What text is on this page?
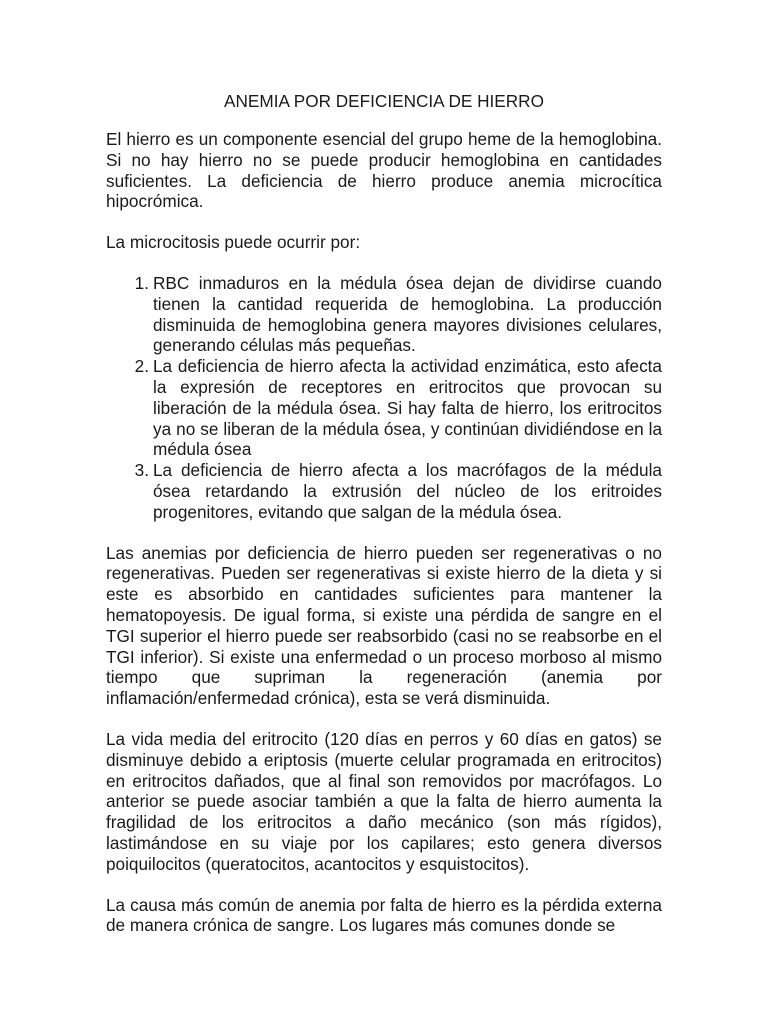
ANEMIA POR DEFICIENCIA DE HIERRO

El hierro es un componente esencial del grupo heme de la hemoglobina. Si no hay hierro no se puede producir hemoglobina en cantidades suficientes. La deficiencia de hierro produce anemia microcítica hipocrómica.

La microcitosis puede ocurrir por:

1. RBC inmaduros en la médula ósea dejan de dividirse cuando tienen la cantidad requerida de hemoglobina. La producción disminuida de hemoglobina genera mayores divisiones celulares, generando células más pequeñas.
2. La deficiencia de hierro afecta la actividad enzimática, esto afecta la expresión de receptores en eritrocitos que provocan su liberación de la médula ósea. Si hay falta de hierro, los eritrocitos ya no se liberan de la médula ósea, y continúan dividiéndose en la médula ósea
3. La deficiencia de hierro afecta a los macrófagos de la médula ósea retardando la extrusión del núcleo de los eritroides progenitores, evitando que salgan de la médula ósea.

Las anemias por deficiencia de hierro pueden ser regenerativas o no regenerativas. Pueden ser regenerativas si existe hierro de la dieta y si este es absorbido en cantidades suficientes para mantener la hematopoyesis. De igual forma, si existe una pérdida de sangre en el TGI superior el hierro puede ser reabsorbido (casi no se reabsorbe en el TGI inferior). Si existe una enfermedad o un proceso morboso al mismo tiempo que supriman la regeneración (anemia por inflamación/enfermedad crónica), esta se verá disminuida.

La vida media del eritrocito (120 días en perros y 60 días en gatos) se disminuye debido a eriptosis (muerte celular programada en eritrocitos) en eritrocitos dañados, que al final son removidos por macrófagos. Lo anterior se puede asociar también a que la falta de hierro aumenta la fragilidad de los eritrocitos a daño mecánico (son más rígidos), lastimándose en su viaje por los capilares; esto genera diversos poiquilocitos (queratocitos, acantocitos y esquistocitos).

La causa más común de anemia por falta de hierro es la pérdida externa de manera crónica de sangre. Los lugares más comunes donde se
